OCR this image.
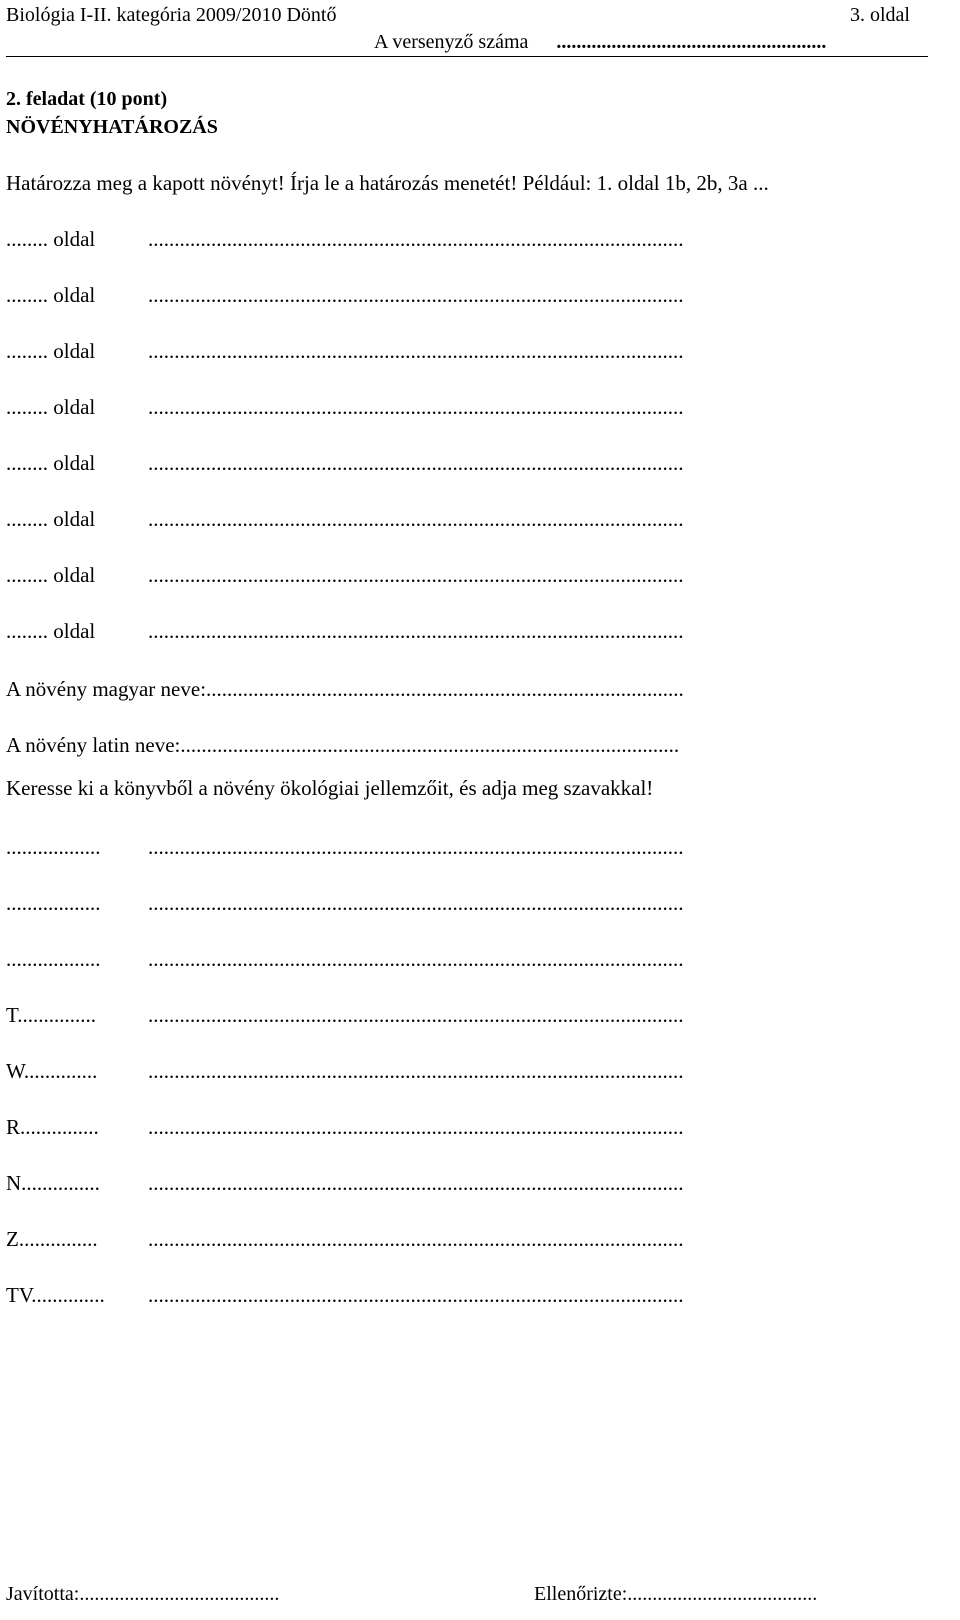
Biológia I-II. kategória 2009/2010 Döntő	3. oldal
A versenyző száma ......................................................
2. feladat (10 pont)
NÖVÉNYHATÁROZÁS
Határozza meg a kapott növényt! Írja le a határozás menetét! Például: 1. oldal 1b, 2b, 3a ...
........ oldal	......................................................................................................
........ oldal	......................................................................................................
........ oldal	......................................................................................................
........ oldal	......................................................................................................
........ oldal	......................................................................................................
........ oldal	......................................................................................................
........ oldal	......................................................................................................
........ oldal	......................................................................................................
A növény magyar neve:...........................................................................................
A növény latin neve:...............................................................................................
Keresse ki a könyvből a növény ökológiai jellemzőit, és adja meg szavakkal!
.................. ......................................................................................................
.................. ......................................................................................................
.................. ......................................................................................................
T............... ......................................................................................................
W.............. ......................................................................................................
R............... ......................................................................................................
N............... ......................................................................................................
Z............... ......................................................................................................
TV.............. ......................................................................................................
Javította:........................................	Ellenőrizte:......................................
